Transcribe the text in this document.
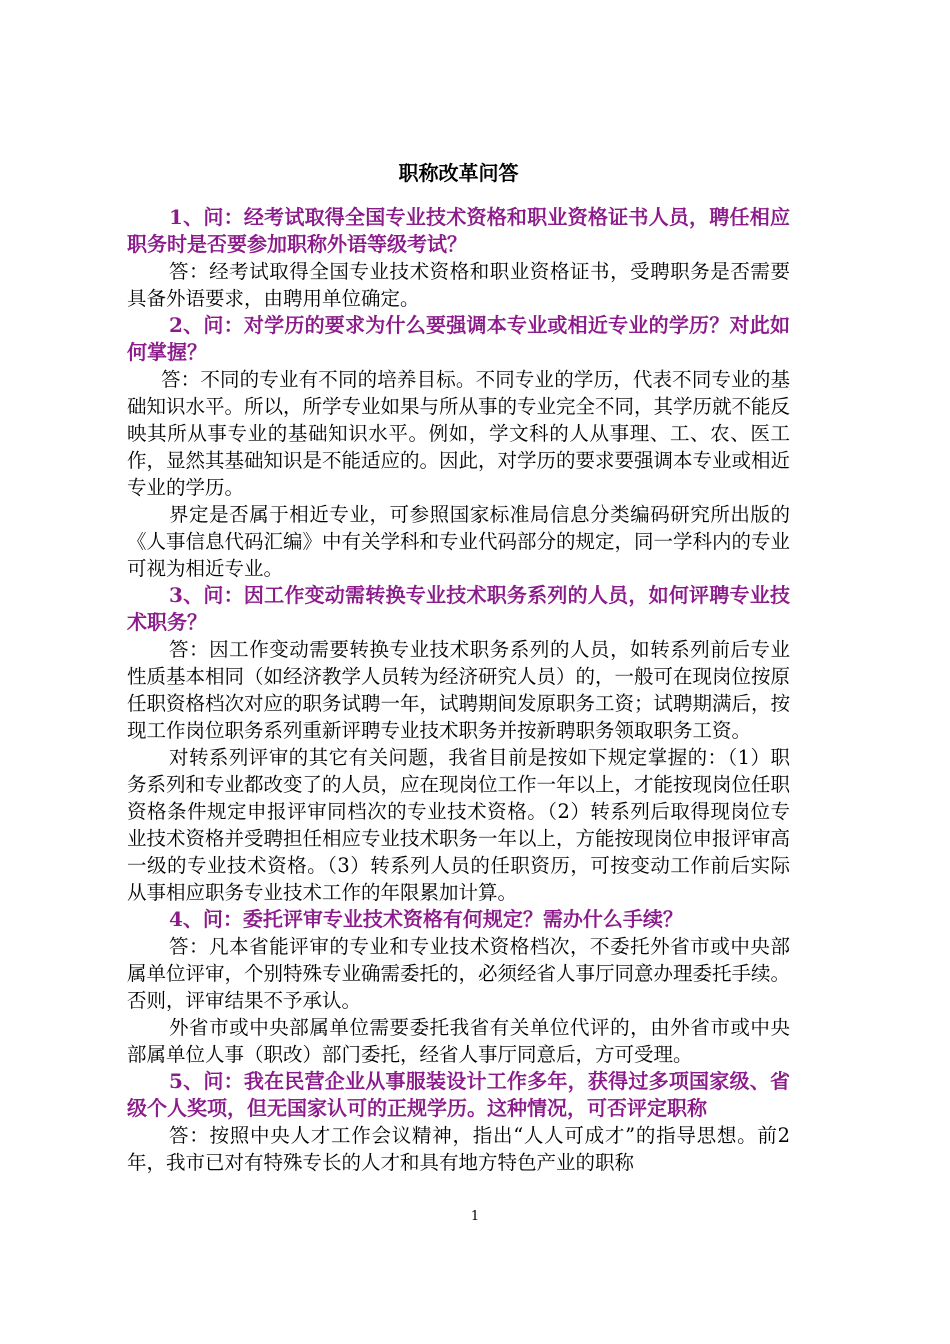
职称改革问答

1、问：经考试取得全国专业技术资格和职业资格证书人员，聘任相应职务时是否要参加职称外语等级考试？

答：经考试取得全国专业技术资格和职业资格证书，受聘职务是否需要具备外语要求，由聘用单位确定。

2、问：对学历的要求为什么要强调本专业或相近专业的学历？对此如何掌握？

答：不同的专业有不同的培养目标。不同专业的学历，代表不同专业的基础知识水平。所以，所学专业如果与所从事的专业完全不同，其学历就不能反映其所从事专业的基础知识水平。例如，学文科的人从事理、工、农、医工作，显然其基础知识是不能适应的。因此，对学历的要求要强调本专业或相近专业的学历。

界定是否属于相近专业，可参照国家标准局信息分类编码研究所出版的《人事信息代码汇编》中有关学科和专业代码部分的规定，同一学科内的专业可视为相近专业。

3、问：因工作变动需转换专业技术职务系列的人员，如何评聘专业技术职务？

答：因工作变动需要转换专业技术职务系列的人员，如转系列前后专业性质基本相同（如经济教学人员转为经济研究人员）的，一般可在现岗位按原任职资格档次对应的职务试聘一年，试聘期间发原职务工资；试聘期满后，按现工作岗位职务系列重新评聘专业技术职务并按新聘职务领取职务工资。

对转系列评审的其它有关问题，我省目前是按如下规定掌握的：（1）职务系列和专业都改变了的人员，应在现岗位工作一年以上，才能按现岗位任职资格条件规定申报评审同档次的专业技术资格。（2）转系列后取得现岗位专业技术资格并受聘担任相应专业技术职务一年以上，方能按现岗位申报评审高一级的专业技术资格。（3）转系列人员的任职资历，可按变动工作前后实际从事相应职务专业技术工作的年限累加计算。

4、问：委托评审专业技术资格有何规定？需办什么手续？

答：凡本省能评审的专业和专业技术资格档次，不委托外省市或中央部属单位评审，个别特殊专业确需委托的，必须经省人事厅同意办理委托手续。否则，评审结果不予承认。

外省市或中央部属单位需要委托我省有关单位代评的，由外省市或中央部属单位人事（职改）部门委托，经省人事厅同意后，方可受理。

5、问：我在民营企业从事服装设计工作多年，获得过多项国家级、省级个人奖项，但无国家认可的正规学历。这种情况，可否评定职称

答：按照中央人才工作会议精神，指出“人人可成才”的指导思想。前2年，我市已对有特殊专长的人才和具有地方特色产业的职称

1
